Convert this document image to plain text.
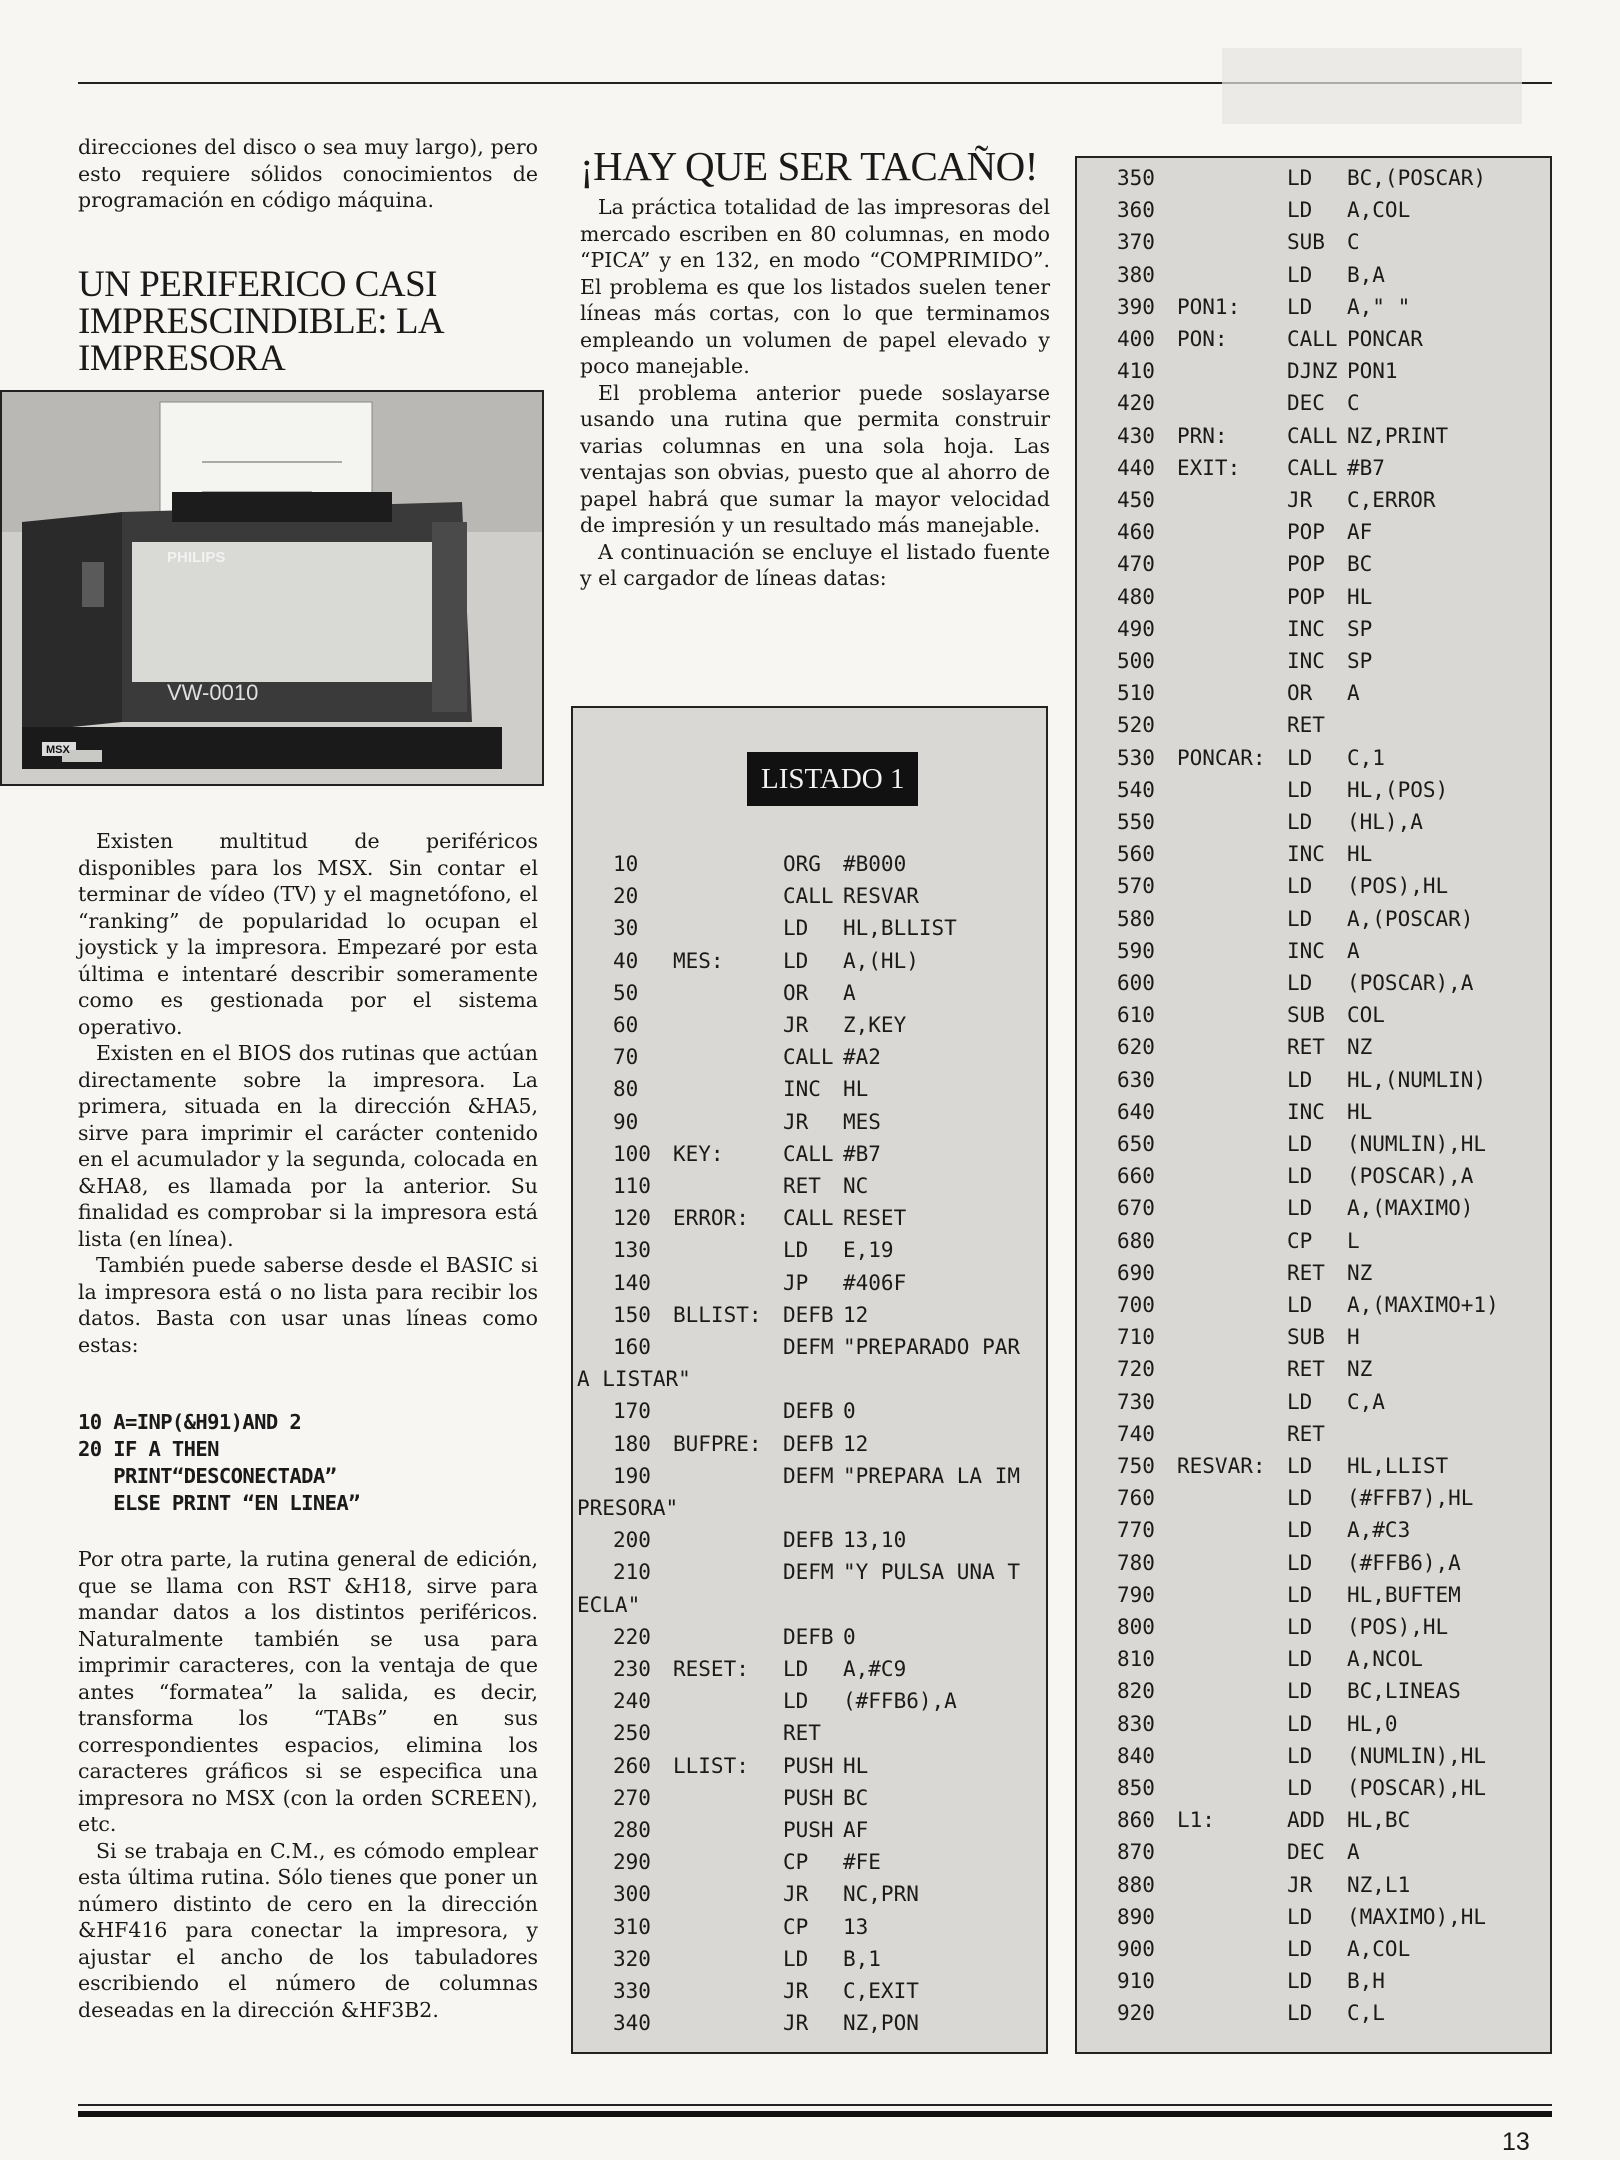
direcciones del disco o sea muy largo), pero esto requiere sólidos conocimientos de programación en código máquina.

UN PERIFERICO CASI IMPRESCINDIBLE: LA IMPRESORA
PHILIPS
VW-0010
MSX

Existen multitud de periféricos disponibles para los MSX. Sin contar el terminar de vídeo (TV) y el magnetófono, el “ranking” de popularidad lo ocupan el joystick y la impresora. Empezaré por esta última e intentaré describir someramente como es gestionada por el sistema operativo.

Existen en el BIOS dos rutinas que actúan directamente sobre la impresora. La primera, situada en la dirección &HA5, sirve para imprimir el carácter contenido en el acumulador y la segunda, colocada en &HA8, es llamada por la anterior. Su finalidad es comprobar si la impresora está lista (en línea).

También puede saberse desde el BASIC si la impresora está o no lista para recibir los datos. Basta con usar unas líneas como estas:

10 A=INP(&H91)AND 2
20 IF A THEN
PRINT“DESCONECTADA”
ELSE PRINT “EN LINEA”

Por otra parte, la rutina general de edición, que se llama con RST &H18, sirve para mandar datos a los distintos periféricos. Naturalmente también se usa para imprimir caracteres, con la ventaja de que antes “formatea” la salida, es decir, transforma los “TABs” en sus correspondientes espacios, elimina los caracteres gráficos si se especifica una impresora no MSX (con la orden SCREEN), etc.

Si se trabaja en C.M., es cómodo emplear esta última rutina. Sólo tienes que poner un número distinto de cero en la dirección &HF416 para conectar la impresora, y ajustar el ancho de los tabuladores escribiendo el número de columnas deseadas en la dirección &HF3B2.

¡HAY QUE SER TACAÑO!

La práctica totalidad de las impresoras del mercado escriben en 80 columnas, en modo “PICA” y en 132, en modo “COMPRIMIDO”. El problema es que los listados suelen tener líneas más cortas, con lo que terminamos empleando un volumen de papel elevado y poco manejable.

El problema anterior puede soslayarse usando una rutina que permita construir varias columnas en una sola hoja. Las ventajas son obvias, puesto que al ahorro de papel habrá que sumar la mayor velocidad de impresión y un resultado más manejable.

A continuación se encluye el listado fuente y el cargador de líneas datas:

LISTADO 1
10	ORG #B000
20	CALL RESVAR
30	LD HL,BLLIST
40 MES:	LD A,(HL)
50	OR A
60	JR Z,KEY
70	CALL #A2
80	INC HL
90	JR MES
100 KEY:	CALL #B7
110	RET NC
120 ERROR: CALL RESET
130	LD E,19
140	JP #406F
150 BLLIST: DEFB 12
160	DEFM "PREPARADO PAR
A LISTAR"
170	DEFB 0
180 BUFPRE: DEFB 12
190	DEFM "PREPARA LA IM
PRESORA"
200	DEFB 13,10
210	DEFM "Y PULSA UNA T
ECLA"
220	DEFB 0
230 RESET: LD A,#C9
240	LD (#FFB6),A
250	RET
260 LLIST: PUSH HL
270	PUSH BC
280	PUSH AF
290	CP #FE
300	JR NC,PRN
310	CP 13
320	LD B,1
330	JR C,EXIT
340	JR NZ,PON
350	LD BC,(POSCAR)
360	LD A,COL
370	SUB C
380	LD B,A
390 PON1: LD A," "
400 PON:	CALL PONCAR
410	DJNZ PON1
420	DEC C
430 PRN:	CALL NZ,PRINT
440 EXIT: CALL #B7
450	JR C,ERROR
460	POP AF
470	POP BC
480	POP HL
490	INC SP
500	INC SP
510	OR A
520	RET
530 PONCAR: LD C,1
540	LD HL,(POS)
550	LD (HL),A
560	INC HL
570	LD (POS),HL
580	LD A,(POSCAR)
590	INC A
600	LD (POSCAR),A
610	SUB COL
620	RET NZ
630	LD HL,(NUMLIN)
640	INC HL
650	LD (NUMLIN),HL
660	LD (POSCAR),A
670	LD A,(MAXIMO)
680	CP L
690	RET NZ
700	LD A,(MAXIMO+1)
710	SUB H
720	RET NZ
730	LD C,A
740	RET
750 RESVAR: LD HL,LLIST
760	LD (#FFB7),HL
770	LD A,#C3
780	LD (#FFB6),A
790	LD HL,BUFTEM
800	LD (POS),HL
810	LD A,NCOL
820	LD BC,LINEAS
830	LD HL,0
840	LD (NUMLIN),HL
850	LD (POSCAR),HL
860 L1:	ADD HL,BC
870	DEC A
880	JR NZ,L1
890	LD (MAXIMO),HL
900	LD A,COL
910	LD B,H
920	LD C,L
13
